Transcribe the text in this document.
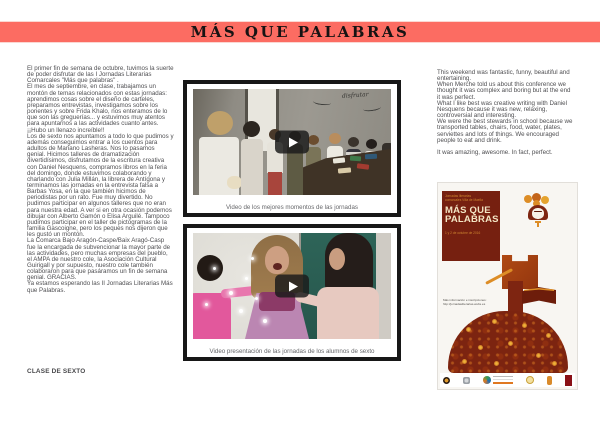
MÁS QUE PALABRAS

El primer fin de semana de octubre, tuvimos la suerte de poder disfrutar de las I Jornadas Literarias Comarcales "Más que palabras" .

El mes de septiembre, en clase, trabajamos un montón de temas relacionados con estas jornadas: aprendimos cosas sobre el diseño de carteles, preparamos entrevistas, investigamos sobre los ponentes y sobre Frida Khalo, nos enteramos de lo que son las greguerías... y estuvimos muy atentos para apuntarnos a las actividades cuanto antes. ¡¡Hubo un llenazo increíble!!

Los de sexto nos apuntamos a todo lo que pudimos y además conseguimos entrar a los cuentos para adultos de Mariano Lasheras. Nos lo pasamos genial. Hicimos talleres de dramatización divertidísimos, disfrutamos de la escritura creativa con Daniel Nesquens, compramos libros en la feria del domingo, donde estuvimos colaborando y charlando con Julia Millán, la librera de Antígona y terminamos las jornadas en la entrevista falsa a Barbas Yosa, en la que también hicimos de periodistas por un rato. Fue muy divertido. No pudimos participar en algunos talleres que no eran para nuestra edad. A ver si en otra ocasión podemos dibujar con Alberto Gamón o Elisa Arguilé. Tampoco pudimos participar en el taller de pictogramas de la familia Gascoigne, pero los peques nos dijeron que les gustó un montón.

La Comarca Bajo Aragón-Caspe/Baix Aragó-Casp fue la encargada de subvencionar la mayor parte de las actividades, pero muchas empresas del pueblo, el AMPA de nuestro cole, la Asociación Cultural Guirigall y por supuesto, nuestro cole también colaboraron para que pasáramos un fin de semana genial. GRACIAS.

Ya estamos esperando las II Jornadas Literarias Más que Palabras.

CLASE DE SEXTO

This weekend was fantastic, funny, beautiful and entertaining.

When Merche told us about this conference we thought it was complex and boring but at the end it was perfect.

What I like best was creative writing with Daniel Nesquens because it was new, relaxing, controversial and interesting.

We were the best stewards in school because we transported tables, chairs, food, water, plates, serviettes and lots of things. We encouraged people to eat and drink.

It was amazing, awesome. In fact, perfect.

disfrutar
Video de los mejores momentos de las jornadas
Video presentación de las jornadas de los alumnos de sexto
Jornadas literarias
comarcales Villa de Maella
MÁS QUE
PALABRAS
1 y 2 de octubre de 2016
Más información e inscripciones:
http://jornadasliterarias.webs.es
